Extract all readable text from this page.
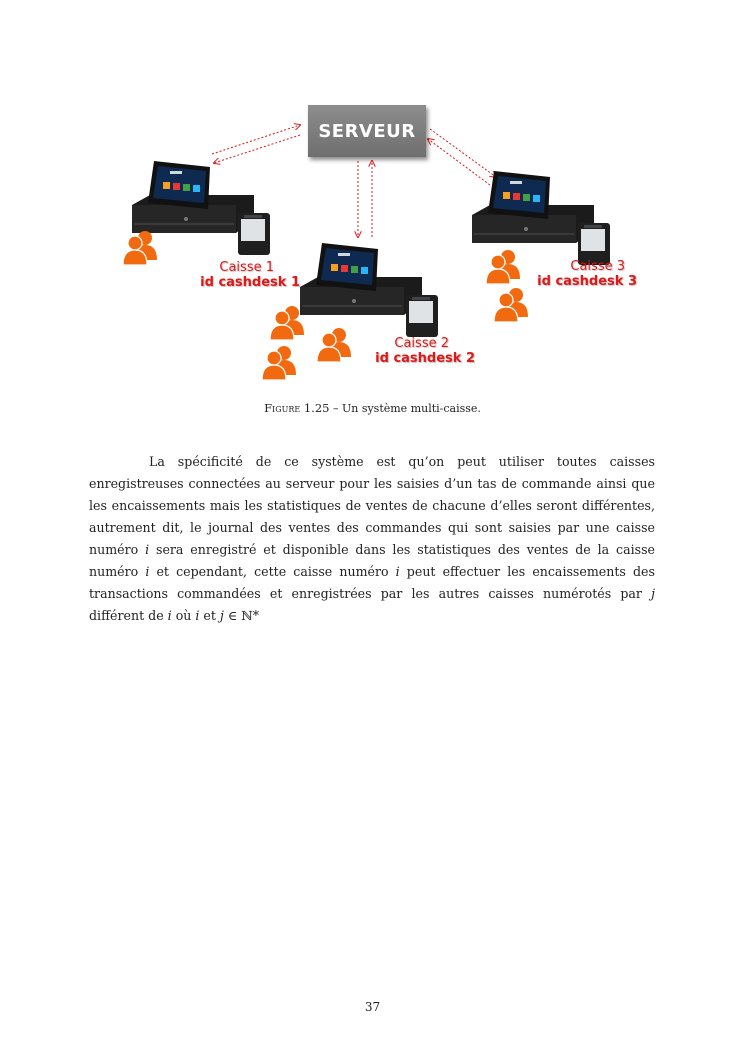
SERVEUR
Caisse 1
id cashdesk 1
Caisse 2
id cashdesk 2
Caisse 3
id cashdesk 3
Figure 1.25 – Un système multi-caisse.

La spécificité de ce système est qu’on peut utiliser toutes caisses enregistreuses connectées au serveur pour les saisies d’un tas de commande ainsi que les encaissements mais les statistiques de ventes de chacune d’elles seront différentes, autrement dit, le journal des ventes des commandes qui sont saisies par une caisse numéro i sera enregistré et disponible dans les statistiques des ventes de la caisse numéro i et cependant, cette caisse numéro i peut effectuer les encaissements des transactions commandées et enregistrées par les autres caisses numérotés par j différent de i où i et j ∈ ℕ*

37
